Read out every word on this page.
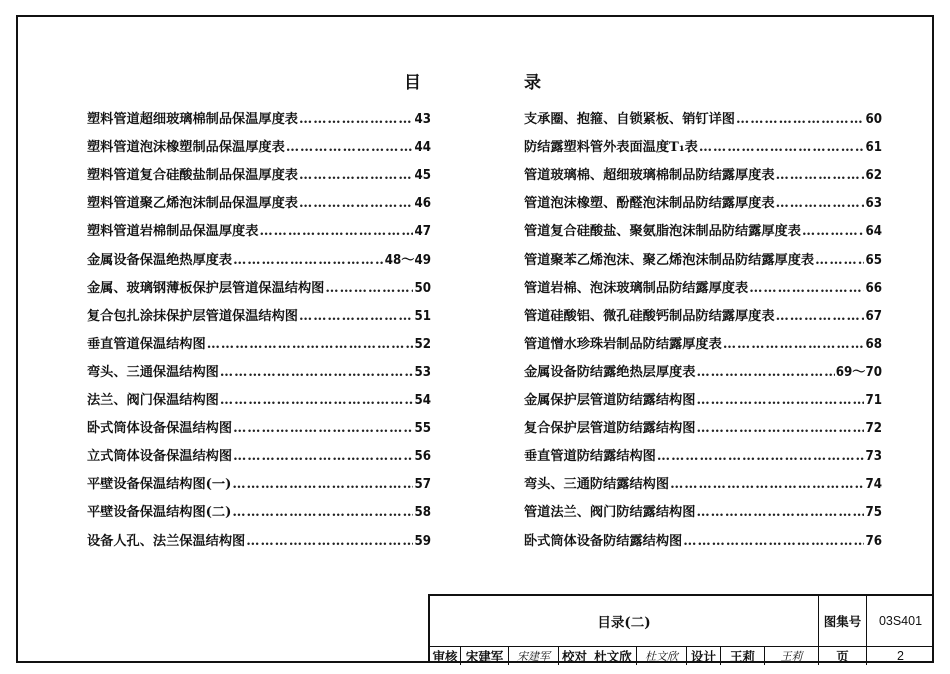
目	录
塑料管道超细玻璃棉制品保温厚度表 …………………………………………………………………………………………………………	43
塑料管道泡沫橡塑制品保温厚度表 …………………………………………………………………………………………………………	44
塑料管道复合硅酸盐制品保温厚度表 …………………………………………………………………………………………………………	45
塑料管道聚乙烯泡沫制品保温厚度表 …………………………………………………………………………………………………………	46
塑料管道岩棉制品保温厚度表 …………………………………………………………………………………………………………	47
金属设备保温绝热厚度表 …………………………………………………………………………………………………………	48～49
金属、玻璃钢薄板保护层管道保温结构图 …………………………………………………………………………………………………………	50
复合包扎涂抹保护层管道保温结构图 …………………………………………………………………………………………………………	51
垂直管道保温结构图 …………………………………………………………………………………………………………	52
弯头、三通保温结构图 …………………………………………………………………………………………………………	53
法兰、阀门保温结构图 …………………………………………………………………………………………………………	54
卧式筒体设备保温结构图 …………………………………………………………………………………………………………	55
立式筒体设备保温结构图 …………………………………………………………………………………………………………	56
平壁设备保温结构图(一) …………………………………………………………………………………………………………	57
平壁设备保温结构图(二) …………………………………………………………………………………………………………	58
设备人孔、法兰保温结构图 …………………………………………………………………………………………………………	59
支承圈、抱箍、自锁紧板、销钉详图 …………………………………………………………………………………………………………	60
防结露塑料管外表面温度T₁表 …………………………………………………………………………………………………………	61
管道玻璃棉、超细玻璃棉制品防结露厚度表 …………………………………………………………………………………………………………	62
管道泡沫橡塑、酚醛泡沫制品防结露厚度表 …………………………………………………………………………………………………………	63
管道复合硅酸盐、聚氨脂泡沫制品防结露厚度表 …………………………………………………………………………………………………………	64
管道聚苯乙烯泡沫、聚乙烯泡沫制品防结露厚度表 …………………………………………………………………………………………………………	65
管道岩棉、泡沫玻璃制品防结露厚度表 …………………………………………………………………………………………………………	66
管道硅酸铝、微孔硅酸钙制品防结露厚度表 …………………………………………………………………………………………………………	67
管道憎水珍珠岩制品防结露厚度表 …………………………………………………………………………………………………………	68
金属设备防结露绝热层厚度表 …………………………………………………………………………………………………………	69～70
金属保护层管道防结露结构图 …………………………………………………………………………………………………………	71
复合保护层管道防结露结构图 …………………………………………………………………………………………………………	72
垂直管道防结露结构图 …………………………………………………………………………………………………………	73
弯头、三通防结露结构图 …………………………………………………………………………………………………………	74
管道法兰、阀门防结露结构图 …………………………………………………………………………………………………………	75
卧式筒体设备防结露结构图 …………………………………………………………………………………………………………	76
目录(二)	图集号	03S401
审核 宋建军	宋建军 校对 杜文欣	杜文欣	设计	王莉	王莉	页	2
